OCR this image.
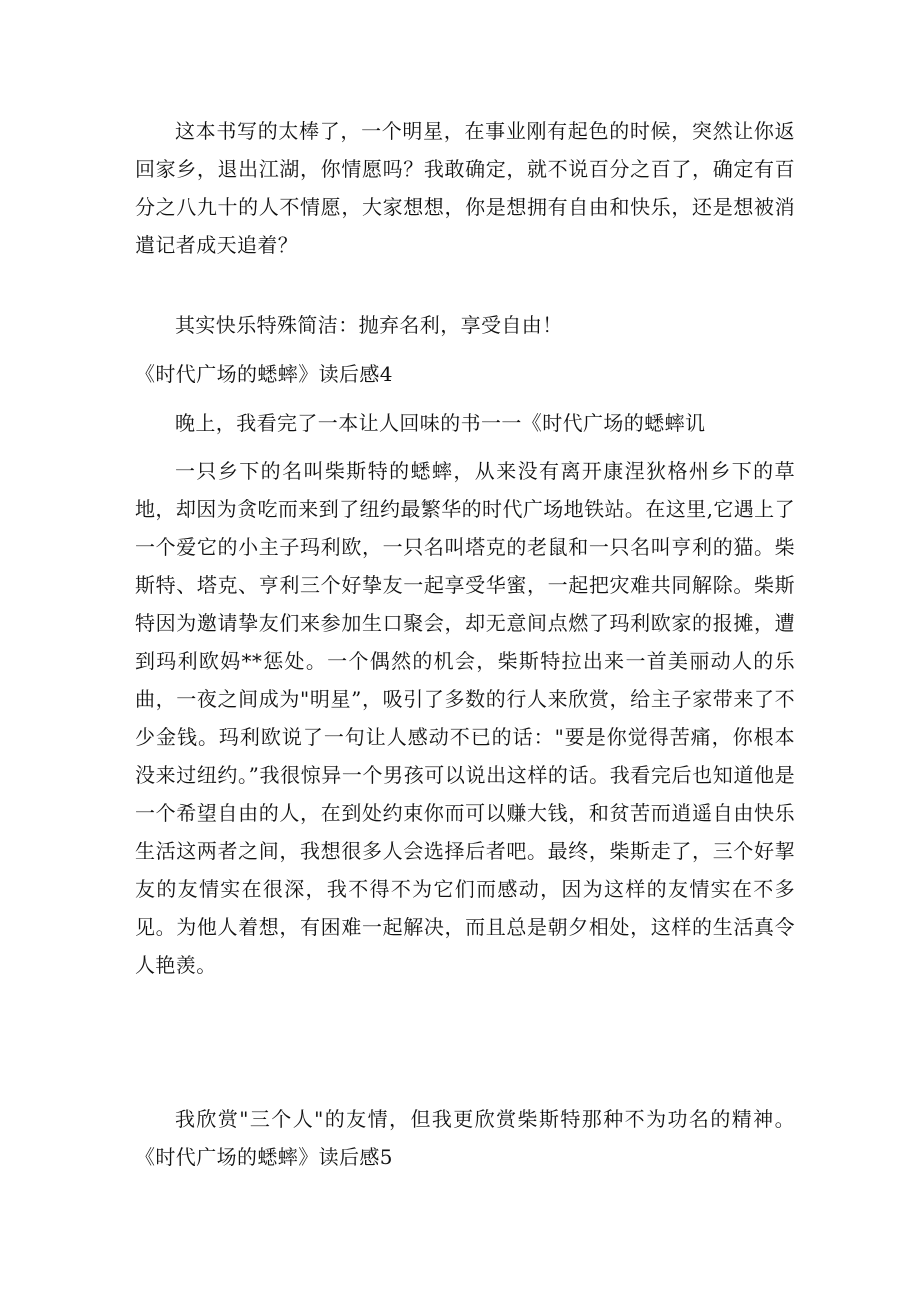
这本书写的太棒了，一个明星，在事业刚有起色的时候，突然让你返回家乡，退出江湖，你情愿吗？我敢确定，就不说百分之百了，确定有百分之八九十的人不情愿，大家想想，你是想拥有自由和快乐，还是想被消遣记者成天追着？

其实快乐特殊简洁：抛弃名利，享受自由！

《时代广场的蟋蟀》读后感4

晚上，我看完了一本让人回味的书一一《时代广场的蟋蟀讥

一只乡下的名叫柴斯特的蟋蟀，从来没有离开康涅狄格州乡下的草地，却因为贪吃而来到了纽约最繁华的时代广场地铁站。在这里,它遇上了一个爱它的小主子玛利欧，一只名叫塔克的老鼠和一只名叫亨利的猫。柴斯特、塔克、亨利三个好挚友一起享受华蜜，一起把灾难共同解除。柴斯特因为邀请挚友们来参加生口聚会，却无意间点燃了玛利欧家的报摊，遭到玛利欧妈**惩处。一个偶然的机会，柴斯特拉出来一首美丽动人的乐曲，一夜之间成为"明星”，吸引了多数的行人来欣赏，给主子家带来了不少金钱。玛利欧说了一句让人感动不已的话："要是你觉得苦痛，你根本没来过纽约。”我很惊异一个男孩可以说出这样的话。我看完后也知道他是一个希望自由的人，在到处约束你而可以赚大钱，和贫苦而逍遥自由快乐生活这两者之间，我想很多人会选择后者吧。最终，柴斯走了，三个好挈友的友情实在很深，我不得不为它们而感动，因为这样的友情实在不多见。为他人着想，有困难一起解决，而且总是朝夕相处，这样的生活真令人艳羡。

我欣赏"三个人"的友情，但我更欣赏柴斯特那种不为功名的精神。《时代广场的蟋蟀》读后感5
